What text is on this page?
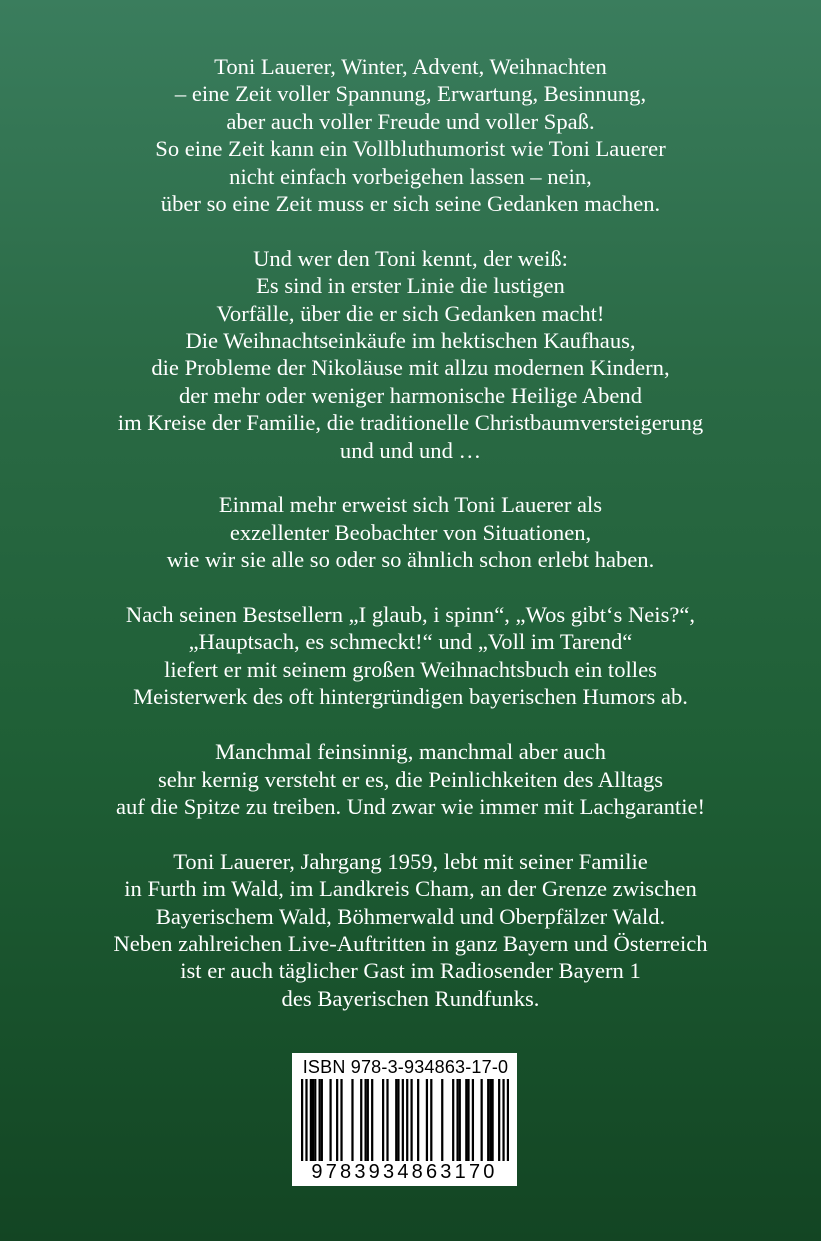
Toni Lauerer, Winter, Advent, Weihnachten
– eine Zeit voller Spannung, Erwartung, Besinnung,
aber auch voller Freude und voller Spaß.
So eine Zeit kann ein Vollbluthumorist wie Toni Lauerer
nicht einfach vorbeigehen lassen – nein,
über so eine Zeit muss er sich seine Gedanken machen.

Und wer den Toni kennt, der weiß:
Es sind in erster Linie die lustigen
Vorfälle, über die er sich Gedanken macht!
Die Weihnachtseinkäufe im hektischen Kaufhaus,
die Probleme der Nikoläuse mit allzu modernen Kindern,
der mehr oder weniger harmonische Heilige Abend
im Kreise der Familie, die traditionelle Christbaumversteigerung
und und und …

Einmal mehr erweist sich Toni Lauerer als
exzellenter Beobachter von Situationen,
wie wir sie alle so oder so ähnlich schon erlebt haben.

Nach seinen Bestsellern „I glaub, i spinn“, „Wos gibt‘s Neis?“,
„Hauptsach, es schmeckt!“ und „Voll im Tarend“
liefert er mit seinem großen Weihnachtsbuch ein tolles
Meisterwerk des oft hintergründigen bayerischen Humors ab.

Manchmal feinsinnig, manchmal aber auch
sehr kernig versteht er es, die Peinlichkeiten des Alltags
auf die Spitze zu treiben. Und zwar wie immer mit Lachgarantie!

Toni Lauerer, Jahrgang 1959, lebt mit seiner Familie
in Furth im Wald, im Landkreis Cham, an der Grenze zwischen
Bayerischem Wald, Böhmerwald und Oberpfälzer Wald.
Neben zahlreichen Live-Auftritten in ganz Bayern und Österreich
ist er auch täglicher Gast im Radiosender Bayern 1
des Bayerischen Rundfunks.

ISBN 978-3-934863-17-0
9783934863170
